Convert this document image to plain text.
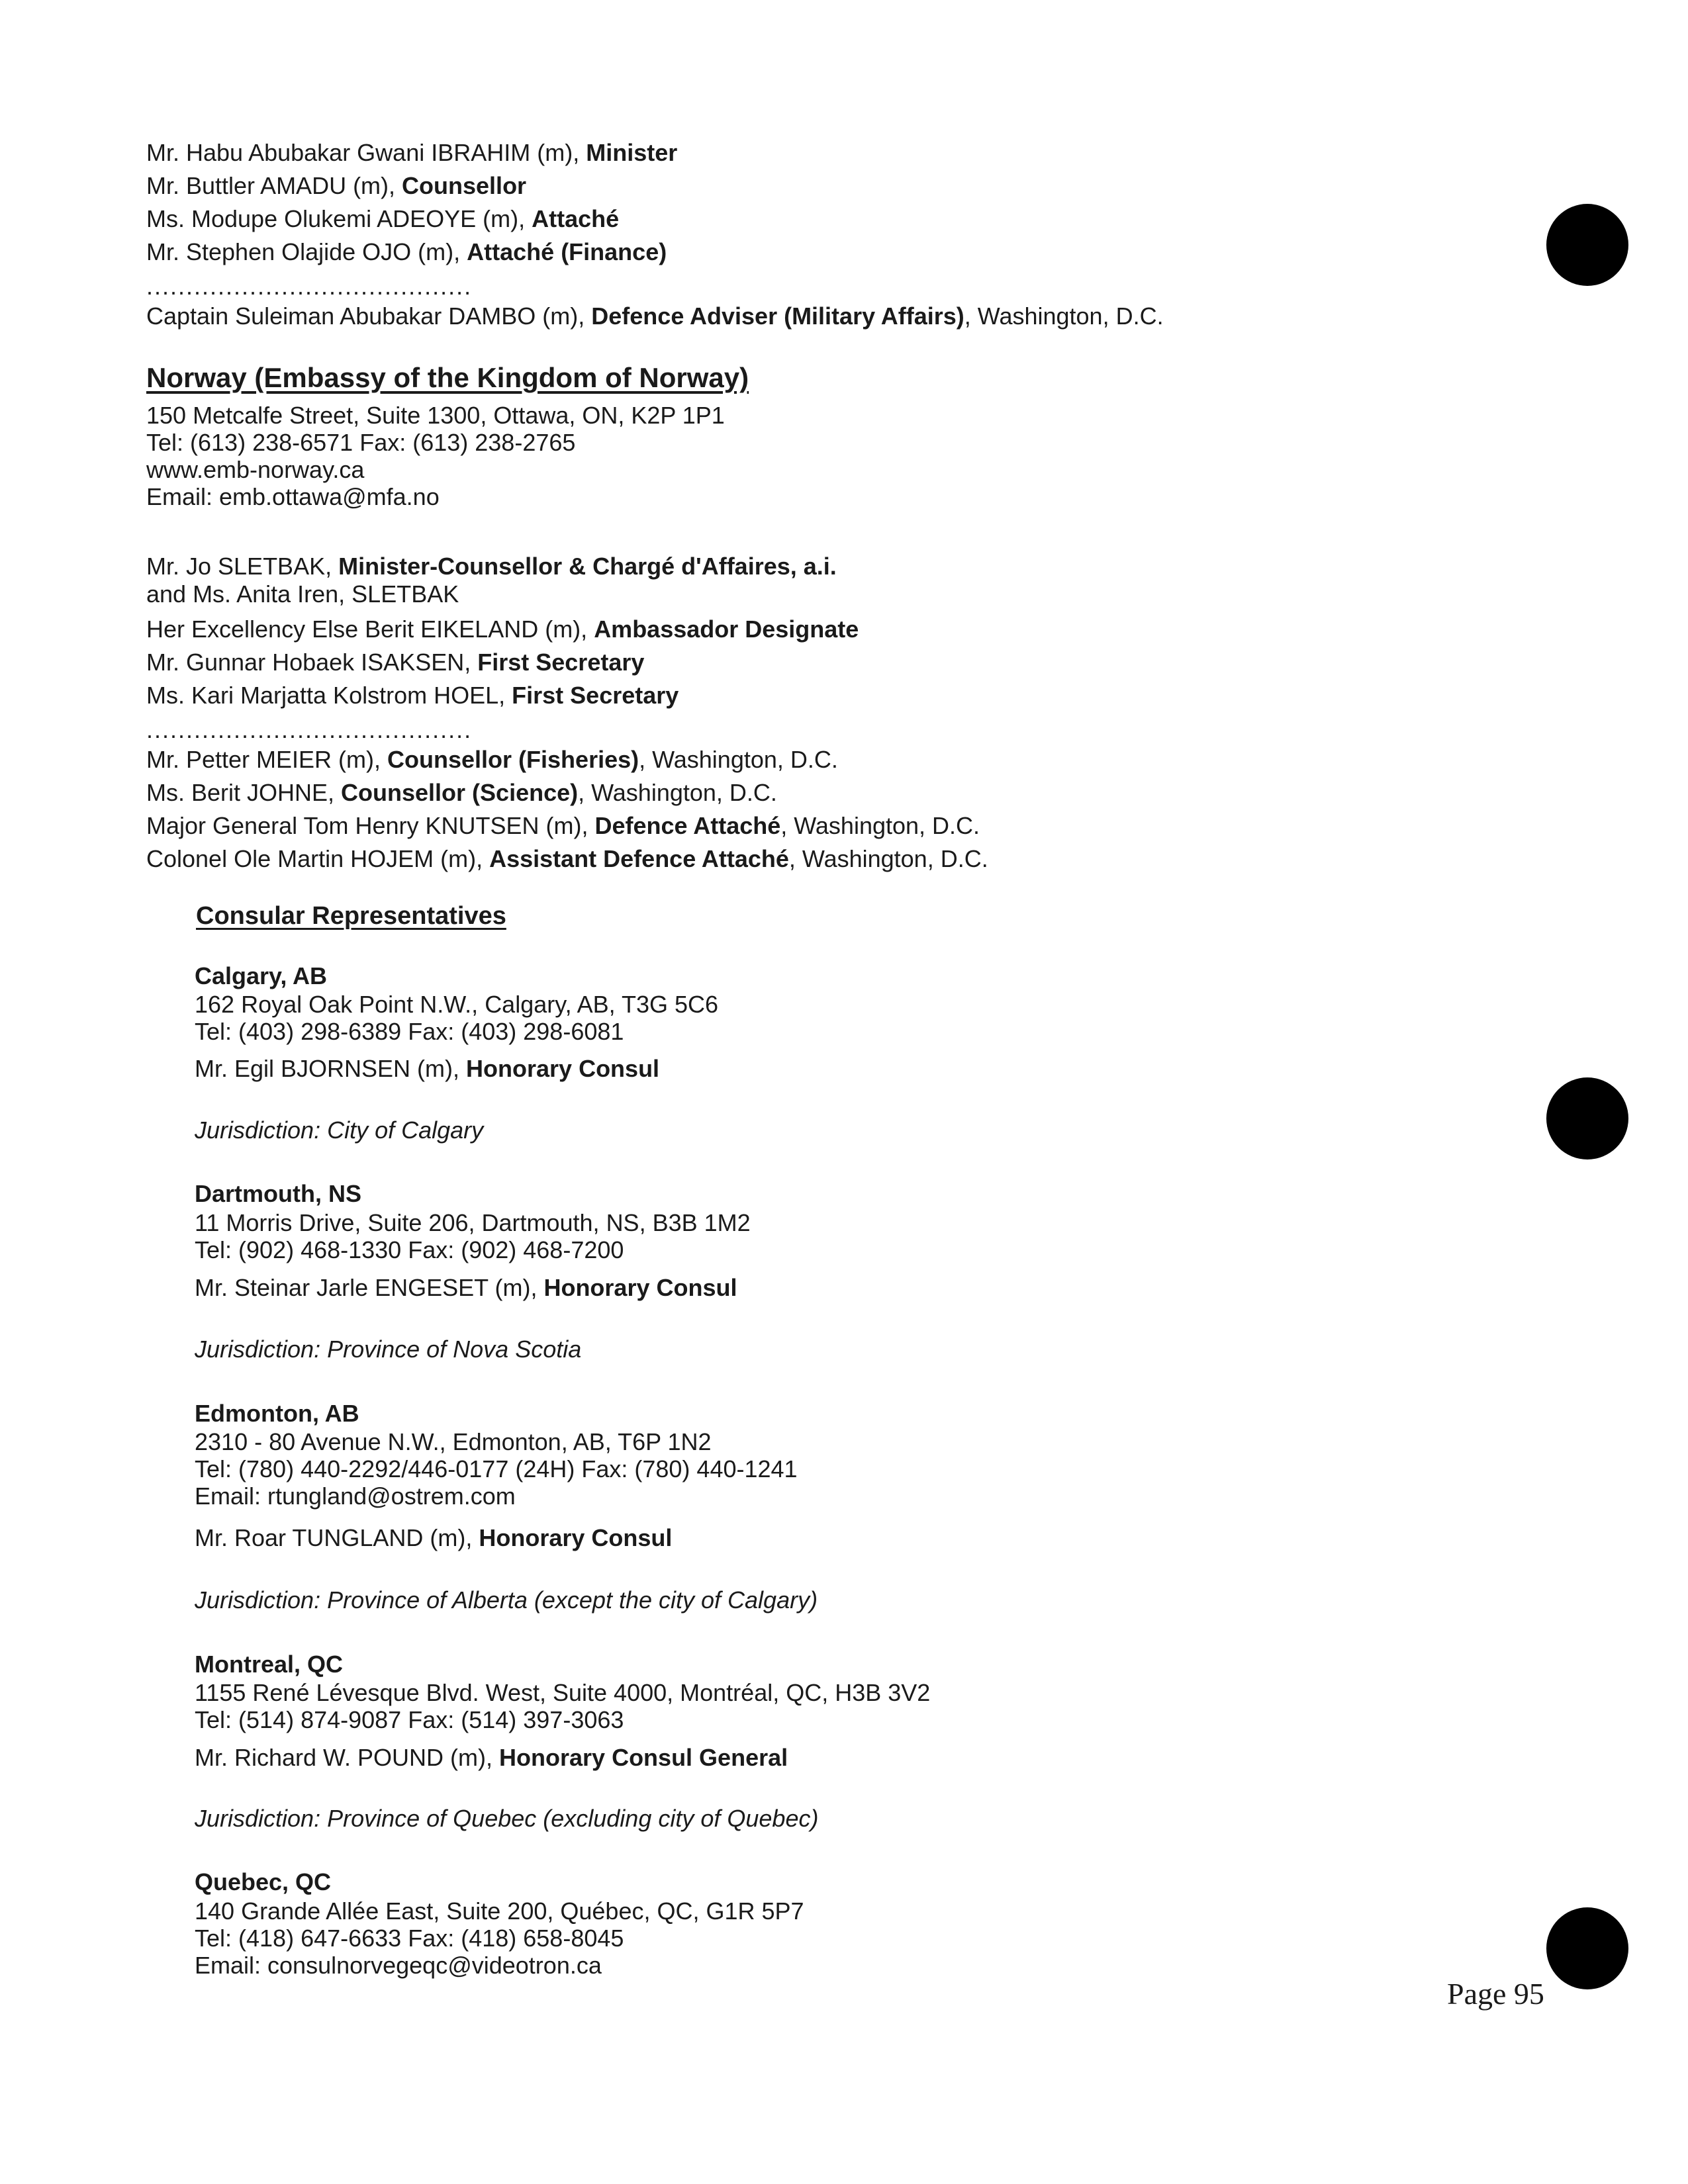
Mr. Habu Abubakar Gwani IBRAHIM (m), Minister
Mr. Buttler AMADU (m), Counsellor
Ms. Modupe Olukemi ADEOYE (m), Attaché
Mr. Stephen Olajide OJO (m), Attaché (Finance)
.........................................
Captain Suleiman Abubakar DAMBO (m), Defence Adviser (Military Affairs), Washington, D.C.
Norway (Embassy of the Kingdom of Norway)
150 Metcalfe Street, Suite 1300, Ottawa, ON, K2P 1P1
Tel: (613) 238-6571 Fax: (613) 238-2765
www.emb-norway.ca
Email: emb.ottawa@mfa.no
Mr. Jo SLETBAK, Minister-Counsellor & Chargé d'Affaires, a.i.
and Ms. Anita Iren, SLETBAK
Her Excellency Else Berit EIKELAND (m), Ambassador Designate
Mr. Gunnar Hobaek ISAKSEN, First Secretary
Ms. Kari Marjatta Kolstrom HOEL, First Secretary
.........................................
Mr. Petter MEIER (m), Counsellor (Fisheries), Washington, D.C.
Ms. Berit JOHNE, Counsellor (Science), Washington, D.C.
Major General Tom Henry KNUTSEN (m), Defence Attaché, Washington, D.C.
Colonel Ole Martin HOJEM (m), Assistant Defence Attaché, Washington, D.C.
Consular Representatives
Calgary, AB
162 Royal Oak Point N.W., Calgary, AB, T3G 5C6
Tel: (403) 298-6389 Fax: (403) 298-6081
Mr. Egil BJORNSEN (m), Honorary Consul
Jurisdiction: City of Calgary
Dartmouth, NS
11 Morris Drive, Suite 206, Dartmouth, NS, B3B 1M2
Tel: (902) 468-1330 Fax: (902) 468-7200
Mr. Steinar Jarle ENGESET (m), Honorary Consul
Jurisdiction: Province of Nova Scotia
Edmonton, AB
2310 - 80 Avenue N.W., Edmonton, AB, T6P 1N2
Tel: (780) 440-2292/446-0177 (24H) Fax: (780) 440-1241
Email: rtungland@ostrem.com
Mr. Roar TUNGLAND (m), Honorary Consul
Jurisdiction: Province of Alberta (except the city of Calgary)
Montreal, QC
1155 René Lévesque Blvd. West, Suite 4000, Montréal, QC, H3B 3V2
Tel: (514) 874-9087 Fax: (514) 397-3063
Mr. Richard W. POUND (m), Honorary Consul General
Jurisdiction: Province of Quebec (excluding city of Quebec)
Quebec, QC
140 Grande Allée East, Suite 200, Québec, QC, G1R 5P7
Tel: (418) 647-6633 Fax: (418) 658-8045
Email: consulnorvegeqc@videotron.ca
Page 95
